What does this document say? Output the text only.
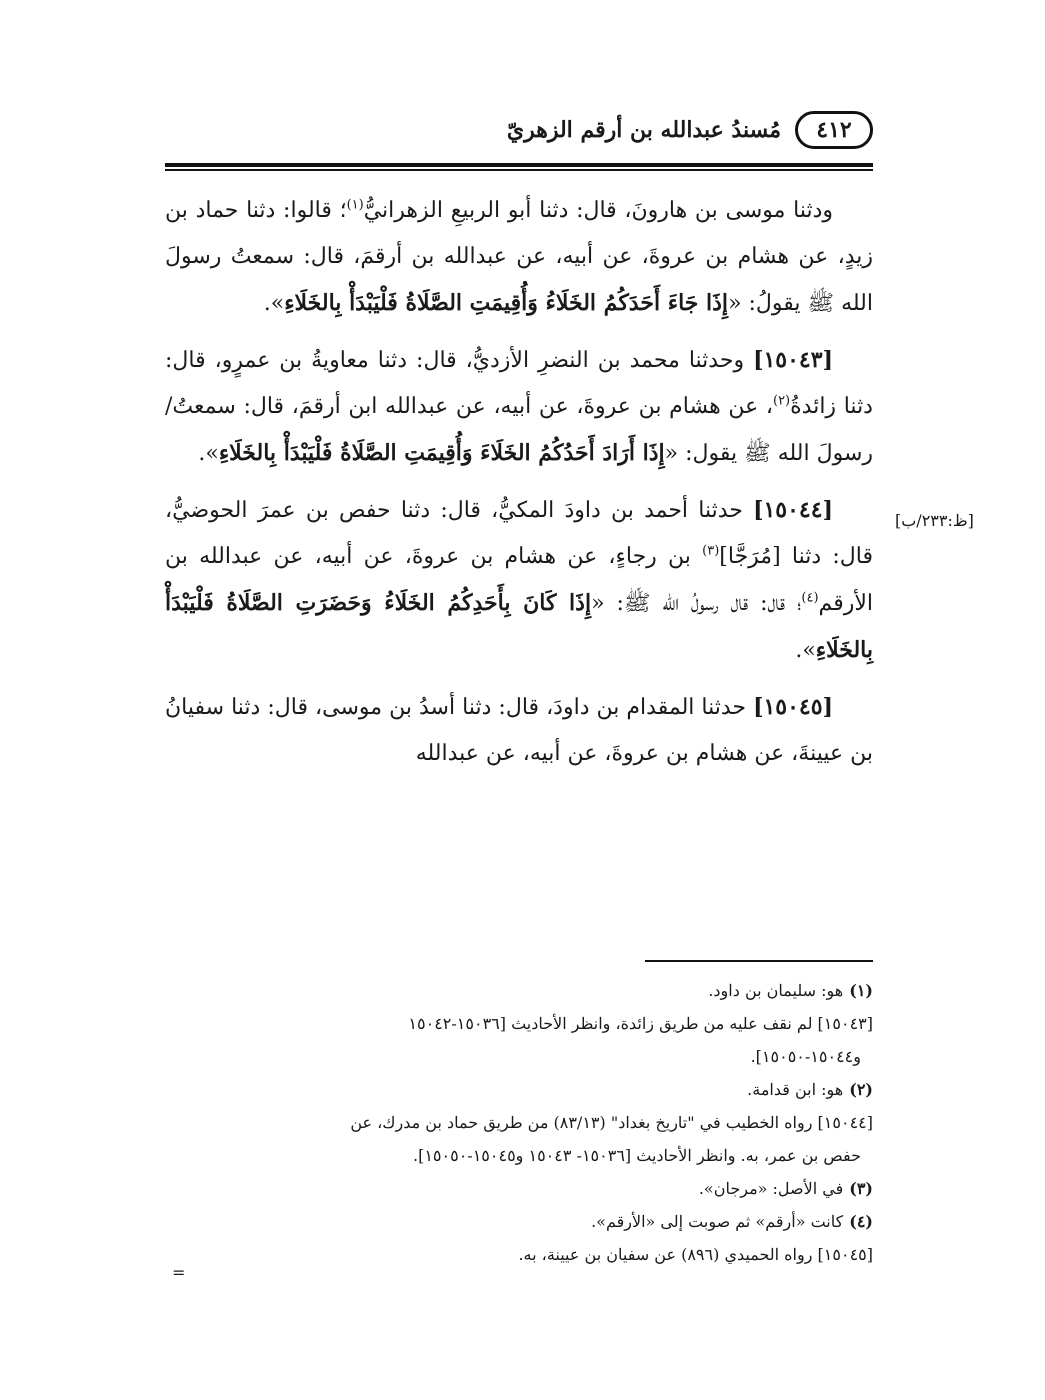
٤١٢
مُسندُ عبدالله بن أرقم الزهريّ

ودثنا موسى بن هارونَ، قال: دثنا أبو الربيعِ الزهرانيُّ$^{(١)}$؛ قالوا: دثنا حماد بن زيدٍ، عن هشام بن عروةَ، عن أبيه، عن عبدالله بن أرقمَ، قال: سمعتُ رسولَ الله ﷺ يقولُ: «إِذَا جَاءَ أَحَدَكُمُ الخَلَاءُ وَأُقِيمَتِ الصَّلَاةُ فَلْيَبْدَأْ بِالخَلَاءِ».

[١٥٠٤٣] وحدثنا محمد بن النضرِ الأزديُّ، قال: دثنا معاويةُ بن عمرٍو، قال: دثنا زائدةُ$^{(٢)}$، عن هشام بن عروةَ، عن أبيه، عن عبدالله ابن أرقمَ، قال: سمعتُ/ رسولَ الله ﷺ يقول: «إِذَا أَرَادَ أَحَدُكُمُ الخَلَاءَ وَأُقِيمَتِ الصَّلَاةُ فَلْيَبْدَأْ بِالخَلَاءِ».

[١٥٠٤٤] حدثنا أحمد بن داودَ المكيُّ، قال: دثنا حفص بن عمرَ الحوضيُّ، قال: دثنا [مُرَجَّا]$^{(٣)}$ بن رجاءٍ، عن هشام بن عروةَ، عن أبيه، عن عبدالله بن الأرقم$^{(٤)}$؛ قال: قال رسولُ الله ﷺ: «إِذَا كَانَ بِأَحَدِكُمُ الخَلَاءُ وَحَضَرَتِ الصَّلَاةُ فَلْيَبْدَأْ بِالخَلَاءِ».

[١٥٠٤٥] حدثنا المقدام بن داودَ، قال: دثنا أسدُ بن موسى، قال: دثنا سفيانُ بن عيينةَ، عن هشام بن عروةَ، عن أبيه، عن عبدالله

[ظ:٢٣٣/ب]

(١)هو: سليمان بن داود.

[١٥٠٤٣] لم نقف عليه من طريق زائدة، وانظر الأحاديث [١٥٠٣٦-١٥٠٤٢

و١٥٠٤٤-١٥٠٥٠].

(٢)هو: ابن قدامة.

[١٥٠٤٤] رواه الخطيب في "تاريخ بغداد" (٨٣/١٣) من طريق حماد بن مدرك، عن

حفص بن عمر، به. وانظر الأحاديث [١٥٠٣٦- ١٥٠٤٣ و١٥٠٤٥-١٥٠٥٠].

(٣)في الأصل: «مرجان».

(٤)كانت «أرقم» ثم صوبت إلى «الأرقم».

[١٥٠٤٥] رواه الحميدي (٨٩٦) عن سفيان بن عيينة، به.

=
